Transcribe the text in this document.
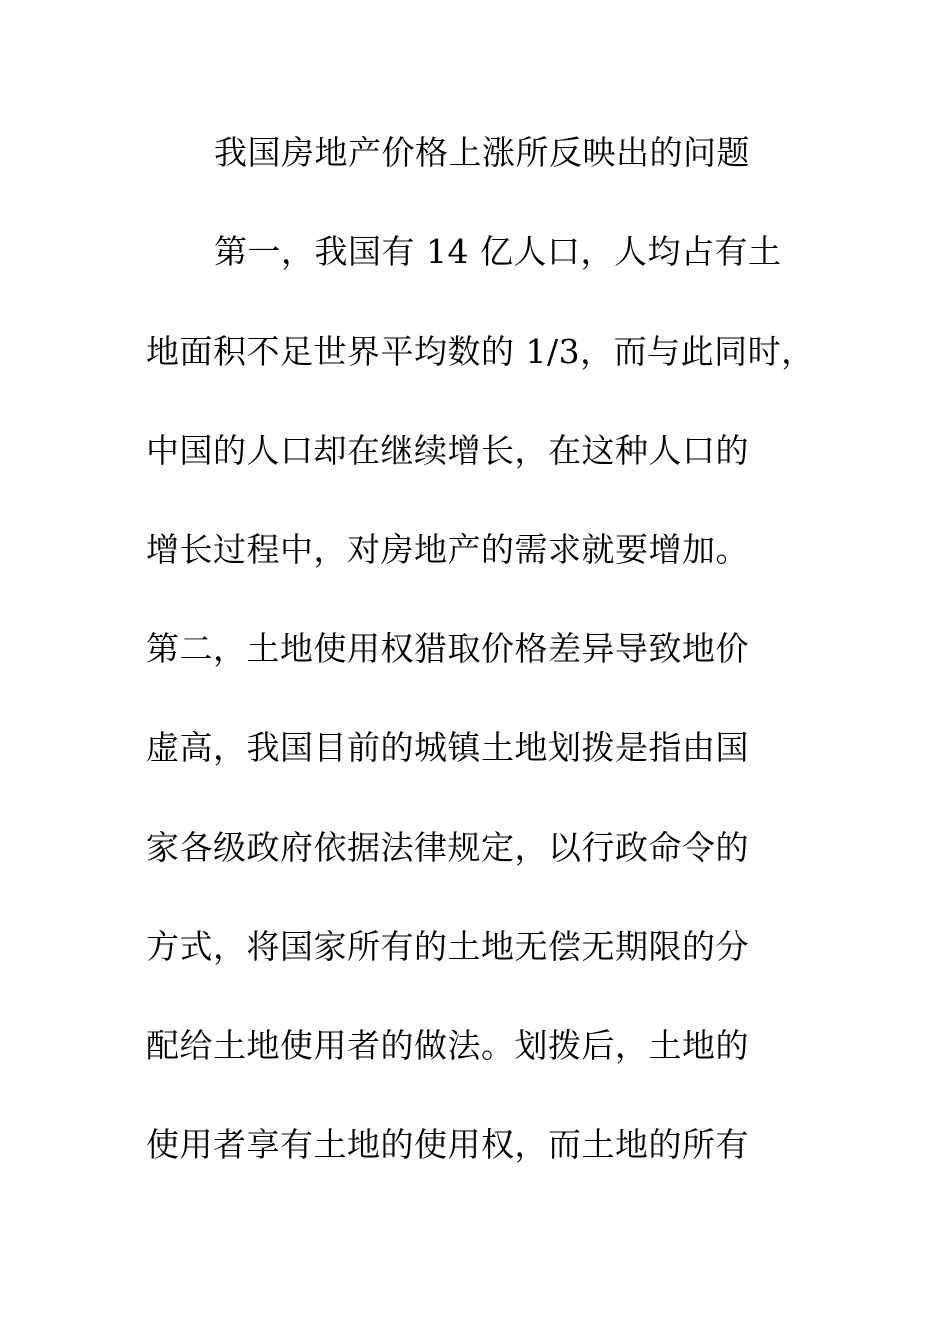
我国房地产价格上涨所反映出的问题
第一，我国有 14 亿人口，人均占有土
地面积不足世界平均数的 1/3，而与此同时，
中国的人口却在继续增长，在这种人口的
增长过程中，对房地产的需求就要增加。
第二，土地使用权猎取价格差异导致地价
虚高，我国目前的城镇土地划拨是指由国
家各级政府依据法律规定，以行政命令的
方式，将国家所有的土地无偿无期限的分
配给土地使用者的做法。划拨后，土地的
使用者享有土地的使用权，而土地的所有
